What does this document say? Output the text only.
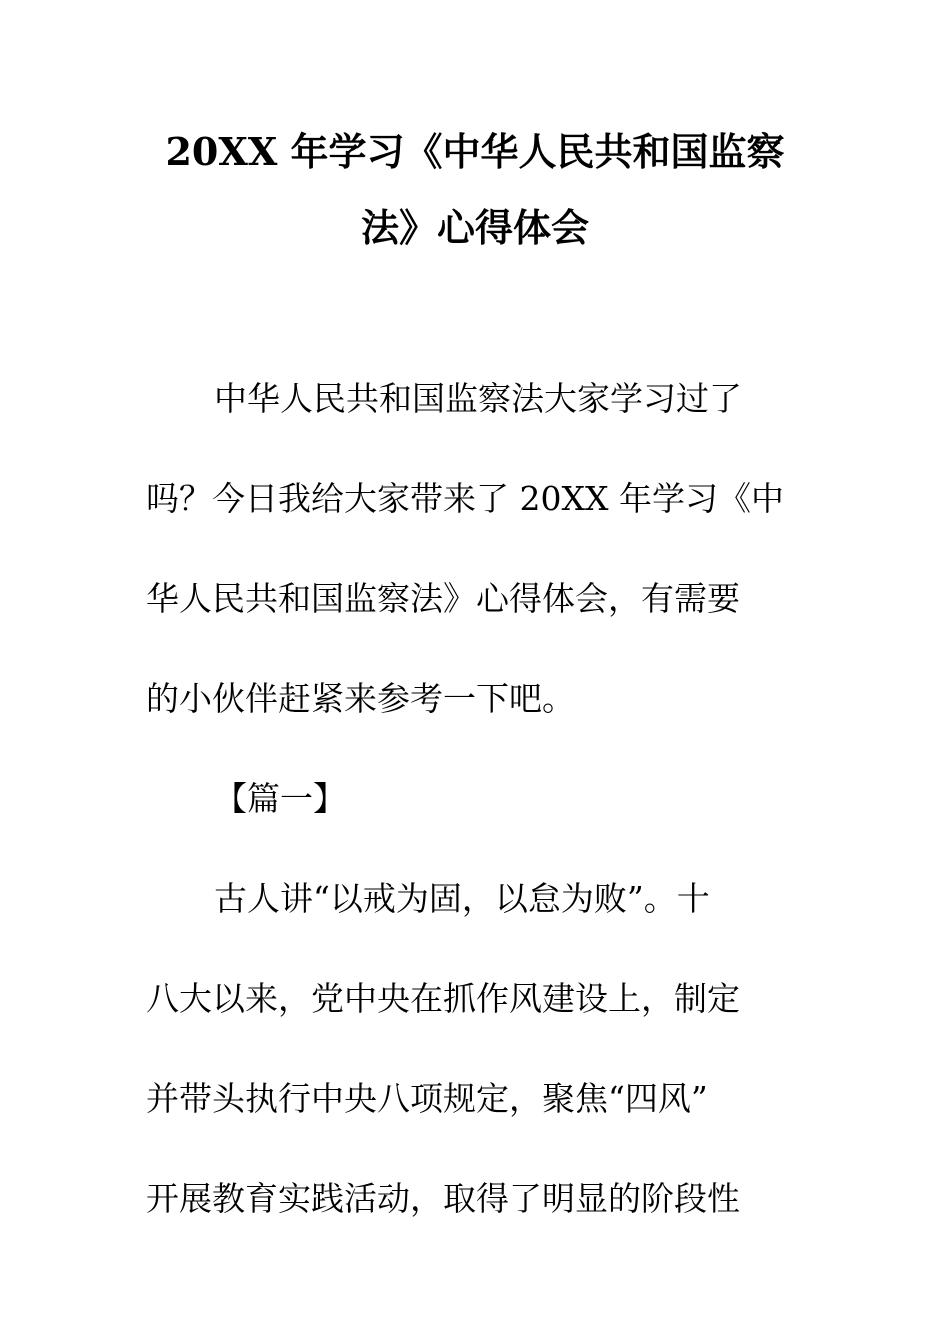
20XX 年学习《中华人民共和国监察
法》心得体会
中华人民共和国监察法大家学习过了
吗？今日我给大家带来了 20XX 年学习《中
华人民共和国监察法》心得体会，有需要
的小伙伴赶紧来参考一下吧。
【篇一】
古人讲“以戒为固，以怠为败”。十
八大以来，党中央在抓作风建设上，制定
并带头执行中央八项规定，聚焦“四风”
开展教育实践活动，取得了明显的阶段性
